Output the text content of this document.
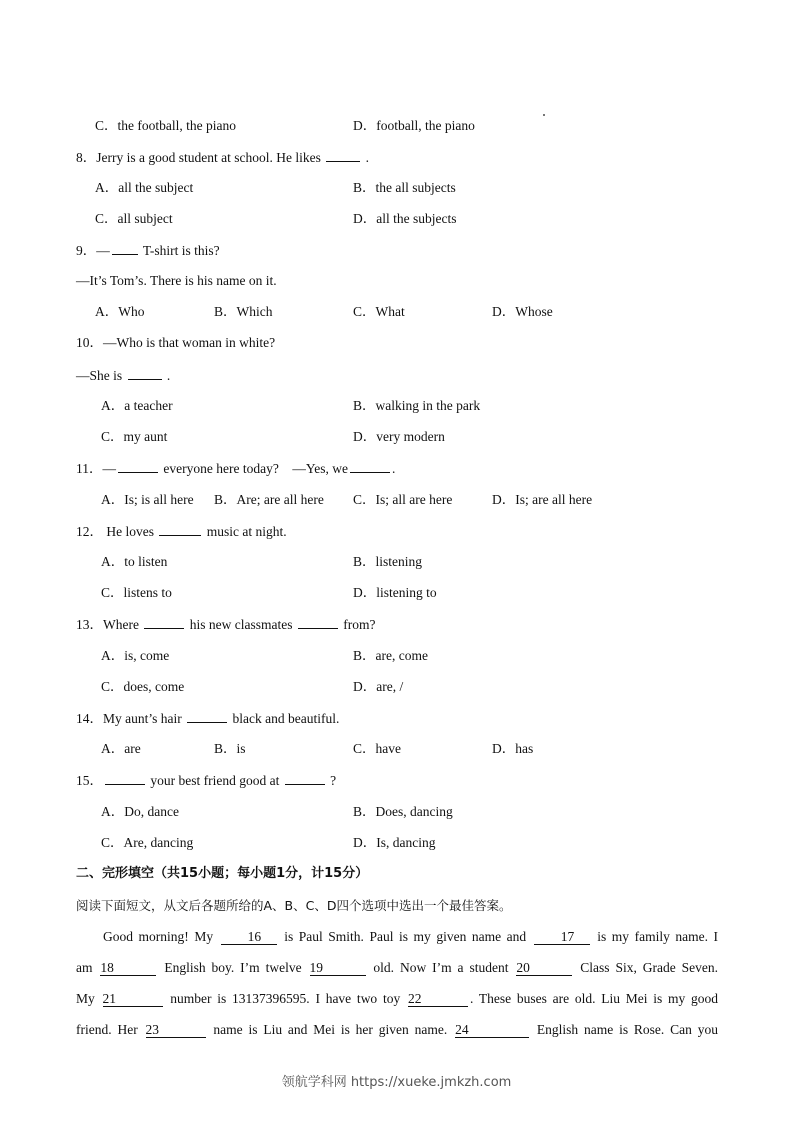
C．the football, the piano	D．football, the piano
8．Jerry is a good student at school. He likes	.
A．all the subject	B．the all subjects
C．all subject	D．all the subjects
9．— T-shirt is this?
—It’s Tom’s. There is his name on it.
A．Who	B．Which	C．What	D．Whose
10．—Who is that woman in white?
—She is	.
A．a teacher	B．walking in the park
C．my aunt	D．very modern
11．—	everyone here today? —Yes, we	.
A．Is; is all here B．Are; are all here C．Is; all are here	D．Is; are all here
12． He loves	music at night.
A．to listen	B．listening
C．listens to	D．listening to
13．Where	his new classmates	from?
A．is, come	B．are, come
C．does, come	D．are, /
14．My aunt’s hair	black and beautiful.
A．are	B．is	C．have	D．has
15．	your best friend good at	?
A．Do, dance	B．Does, dancing
C．Are, dancing	D．Is, dancing
二、完形填空（共15小题；每小题1分，计15分）
阅读下面短文，从文后各题所给的A、B、C、D四个选项中选出一个最佳答案。
Good morning! My	16 is Paul Smith. Paul is my given name and	17 is my family name. I
am 18	English boy. I’m twelve 19	old. Now I’m a student 20	Class Six, Grade Seven.
My 21	number is 13137396595. I have two toy 22	. These buses are old. Liu Mei is my good
friend. Her 23	name is Liu and Mei is her given name. 24	English name is Rose. Can you
领航学科网 https://xueke.jmkzh.com
